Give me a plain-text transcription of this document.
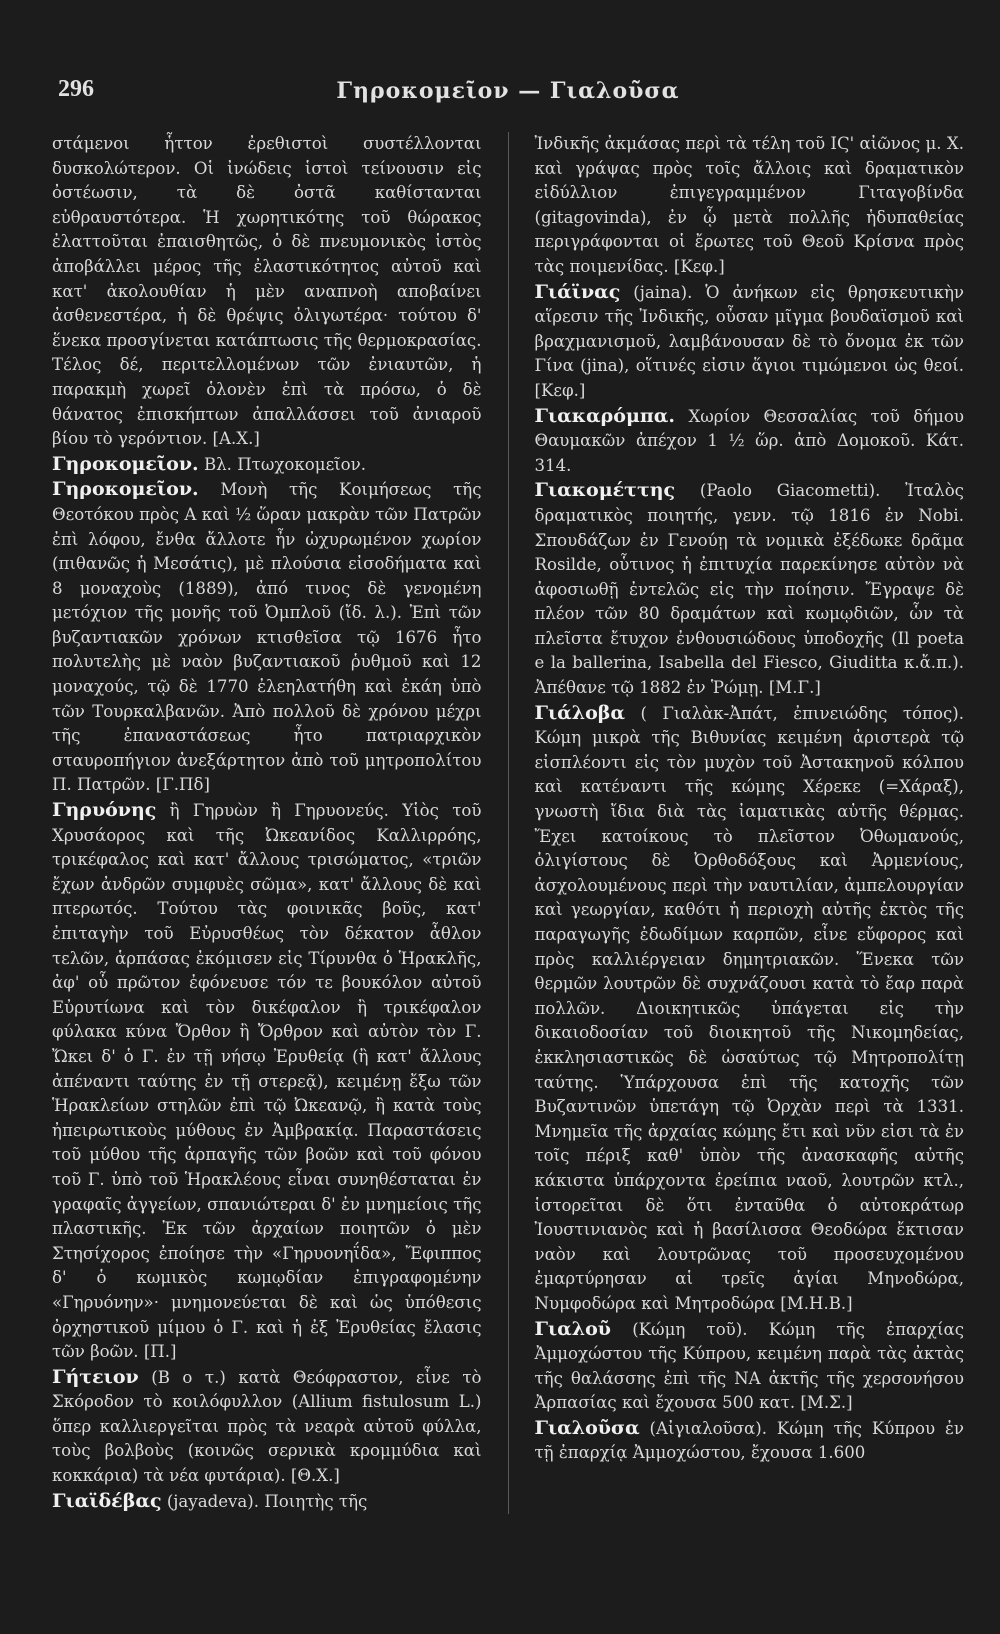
296	Γηροκομεῖον — Γιαλοῦσα

στάμενοι ἧττον ἐρεθιστοὶ συστέλλονται δυσκολώτερον. Οἱ ἰνώδεις ἱστοὶ τείνουσιν εἰς ὀστέωσιν, τὰ δὲ ὀστᾶ καθίστανται εὐθραυστότερα. Ἡ χωρητικότης τοῦ θώρακος ἐλαττοῦται ἐπαισθητῶς, ὁ δὲ πνευμονικὸς ἱστὸς ἀποβάλλει μέρος τῆς ἐλαστικότητος αὐτοῦ καὶ κατ' ἀκολουθίαν ἡ μὲν αναπνοὴ αποβαίνει ἀσθενεστέρα, ἡ δὲ θρέψις ὀλιγωτέρα· τούτου δ' ἕνεκα προσγίνεται κατάπτωσις τῆς θερμοκρασίας. Τέλος δέ, περιτελλομένων τῶν ἐνιαυτῶν, ἡ παρακμὴ χωρεῖ ὁλονὲν ἐπὶ τὰ πρόσω, ὁ δὲ θάνατος ἐπισκήπτων ἀπαλλάσσει τοῦ ἀνιαροῦ βίου τὸ γερόντιον. [Α.Χ.]

Γηροκομεῖον. Βλ. Πτωχοκομεῖον.

Γηροκομεῖον. Μονὴ τῆς Κοιμήσεως τῆς Θεοτόκου πρὸς Α καὶ ½ ὥραν μακρὰν τῶν Πατρῶν ἐπὶ λόφου, ἔνθα ἄλλοτε ἦν ὠχυρωμένον χωρίον (πιθανῶς ἡ Μεσάτις), μὲ πλούσια εἰσοδήματα καὶ 8 μοναχοὺς (1889), ἀπό τινος δὲ γενομένη μετόχιον τῆς μονῆς τοῦ Ὀμπλοῦ (ἴδ. λ.). Ἐπὶ τῶν βυζαντιακῶν χρόνων κτισθεῖσα τῷ 1676 ἦτο πολυτελὴς μὲ ναὸν βυζαντιακοῦ ῥυθμοῦ καὶ 12 μοναχούς, τῷ δὲ 1770 ἐλεηλατήθη καὶ ἐκάη ὑπὸ τῶν Τουρκαλβανῶν. Ἀπὸ πολλοῦ δὲ χρόνου μέχρι τῆς ἐπαναστάσεως ἦτο πατριαρχικὸν σταυροπήγιον ἀνεξάρτητον ἀπὸ τοῦ μητροπολίτου Π. Πατρῶν. [Γ.Πδ]

Γηρυόνης ἢ Γηρυὼν ἢ Γηρυονεύς. Υἱὸς τοῦ Χρυσάορος καὶ τῆς Ὠκεανίδος Καλλιρρόης, τρικέφαλος καὶ κατ' ἄλλους τρισώματος, «τριῶν ἔχων ἀνδρῶν συμφυὲς σῶμα», κατ' ἄλλους δὲ καὶ πτερωτός. Τούτου τὰς φοινικᾶς βοῦς, κατ' ἐπιταγὴν τοῦ Εὐρυσθέως τὸν δέκατον ἆθλον τελῶν, ἁρπάσας ἐκόμισεν εἰς Τίρυνθα ὁ Ἡρακλῆς, ἀφ' οὗ πρῶτον ἐφόνευσε τόν τε βουκόλον αὐτοῦ Εὐρυτίωνα καὶ τὸν δικέφαλον ἢ τρικέφαλον φύλακα κύνα Ὄρθον ἢ Ὄρθρον καὶ αὐτὸν τὸν Γ. Ὤκει δ' ὁ Γ. ἐν τῇ νήσῳ Ἐρυθείᾳ (ἢ κατ' ἄλλους ἀπέναντι ταύτης ἐν τῇ στερεᾷ), κειμένῃ ἔξω τῶν Ἡρακλείων στηλῶν ἐπὶ τῷ Ὠκεανῷ, ἢ κατὰ τοὺς ἠπειρωτικοὺς μύθους ἐν Ἀμβρακίᾳ. Παραστάσεις τοῦ μύθου τῆς ἁρπαγῆς τῶν βοῶν καὶ τοῦ φόνου τοῦ Γ. ὑπὸ τοῦ Ἡρακλέους εἶναι συνηθέσταται ἐν γραφαῖς ἀγγείων, σπανιώτεραι δ' ἐν μνημείοις τῆς πλαστικῆς. Ἐκ τῶν ἀρχαίων ποιητῶν ὁ μὲν Στησίχορος ἐποίησε τὴν «Γηρυονηΐδα», Ἔφιππος δ' ὁ κωμικὸς κωμῳδίαν ἐπιγραφομένην «Γηρυόνην»· μνημονεύεται δὲ καὶ ὡς ὑπόθεσις ὀρχηστικοῦ μίμου ὁ Γ. καὶ ἡ ἐξ Ἐρυθείας ἔλασις τῶν βοῶν. [Π.]

Γήτειον (Β ο τ.) κατὰ Θεόφραστον, εἶνε τὸ Σκόροδον τὸ κοιλόφυλλον (Allium fistulosum L.) ὅπερ καλλιεργεῖται πρὸς τὰ νεαρὰ αὐτοῦ φύλλα, τοὺς βολβοὺς (κοινῶς σερνικὰ κρομμύδια καὶ κοκκάρια) τὰ νέα φυτάρια). [Θ.Χ.]

Γιαϊδέβας (jayadeva). Ποιητὴς τῆς

Ἰνδικῆς ἀκμάσας περὶ τὰ τέλη τοῦ ΙϚ' αἰῶνος μ. Χ. καὶ γράψας πρὸς τοῖς ἄλλοις καὶ δραματικὸν εἰδύλλιον ἐπιγεγραμμένον Γιταγοβίνδα (gitagovinda), ἐν ᾧ μετὰ πολλῆς ἡδυπαθείας περιγράφονται οἱ ἔρωτες τοῦ Θεοῦ Κρίσνα πρὸς τὰς ποιμενίδας. [Κεφ.]

Γιάϊνας (jaina). Ὁ ἀνήκων εἰς θρησκευτικὴν αἵρεσιν τῆς Ἰνδικῆς, οὖσαν μῖγμα βουδαϊσμοῦ καὶ βραχμανισμοῦ, λαμβάνουσαν δὲ τὸ ὄνομα ἐκ τῶν Γίνα (jina), οἵτινές εἰσιν ἅγιοι τιμώμενοι ὡς θεοί. [Κεφ.]

Γιακαρόμπα. Χωρίον Θεσσαλίας τοῦ δήμου Θαυμακῶν ἀπέχον 1 ½ ὥρ. ἀπὸ Δομοκοῦ. Κάτ. 314.

Γιακομέττης (Paolo Giacometti). Ἰταλὸς δραματικὸς ποιητής, γενν. τῷ 1816 ἐν Nobi. Σπουδάζων ἐν Γενούῃ τὰ νομικὰ ἐξέδωκε δρᾶμα Rosilde, οὗτινος ἡ ἐπιτυχία παρεκίνησε αὐτὸν νὰ ἀφοσιωθῇ ἐντελῶς εἰς τὴν ποίησιν. Ἔγραψε δὲ πλέον τῶν 80 δραμάτων καὶ κωμῳδιῶν, ὧν τὰ πλεῖστα ἔτυχον ἐνθουσιώδους ὑποδοχῆς (Il poeta e la ballerina, Isabella del Fiesco, Giuditta κ.ἄ.π.). Ἀπέθανε τῷ 1882 ἐν Ῥώμῃ. [Μ.Γ.]

Γιάλοβα ( Γιαλὰκ-Ἀπάτ, ἐπινειώδης τόπος). Κώμη μικρὰ τῆς Βιθυνίας κειμένη ἀριστερὰ τῷ εἰσπλέοντι εἰς τὸν μυχὸν τοῦ Ἀστακηνοῦ κόλπου καὶ κατέναντι τῆς κώμης Χέρεκε (=Χάραξ), γνωστὴ ἴδια διὰ τὰς ἰαματικὰς αὐτῆς θέρμας. Ἔχει κατοίκους τὸ πλεῖστον Ὀθωμανούς, ὀλιγίστους δὲ Ὀρθοδόξους καὶ Ἀρμενίους, ἀσχολουμένους περὶ τὴν ναυτιλίαν, ἀμπελουργίαν καὶ γεωργίαν, καθότι ἡ περιοχὴ αὐτῆς ἐκτὸς τῆς παραγωγῆς ἐδωδίμων καρπῶν, εἶνε εὔφορος καὶ πρὸς καλλιέργειαν δημητριακῶν. Ἕνεκα τῶν θερμῶν λουτρῶν δὲ συχνάζουσι κατὰ τὸ ἔαρ παρὰ πολλῶν. Διοικητικῶς ὑπάγεται εἰς τὴν δικαιοδοσίαν τοῦ διοικητοῦ τῆς Νικομηδείας, ἐκκλησιαστικῶς δὲ ὡσαύτως τῷ Μητροπολίτῃ ταύτης. Ὑπάρχουσα ἐπὶ τῆς κατοχῆς τῶν Βυζαντινῶν ὑπετάγη τῷ Ὀρχὰν περὶ τὰ 1331. Μνημεῖα τῆς ἀρχαίας κώμης ἔτι καὶ νῦν εἰσι τὰ ἐν τοῖς πέριξ καθ' ὑπὸν τῆς ἀνασκαφῆς αὐτῆς κάκιστα ὑπάρχοντα ἐρείπια ναοῦ, λουτρῶν κτλ., ἱστορεῖται δὲ ὅτι ἐνταῦθα ὁ αὐτοκράτωρ Ἰουστινιανὸς καὶ ἡ βασίλισσα Θεοδώρα ἔκτισαν ναὸν καὶ λουτρῶνας τοῦ προσευχομένου ἐμαρτύρησαν αἱ τρεῖς ἁγίαι Μηνοδώρα, Νυμφοδώρα καὶ Μητροδώρα [Μ.Η.Β.]

Γιαλοῦ (Κώμη τοῦ). Κώμη τῆς ἐπαρχίας Ἀμμοχώστου τῆς Κύπρου, κειμένη παρὰ τὰς ἀκτὰς τῆς θαλάσσης ἐπὶ τῆς ΝΑ ἀκτῆς τῆς χερσονήσου Ἀρπασίας καὶ ἔχουσα 500 κατ. [Μ.Σ.]

Γιαλοῦσα (Αἰγιαλοῦσα). Κώμη τῆς Κύπρου ἐν τῇ ἐπαρχίᾳ Ἀμμοχώστου, ἔχουσα 1.600
